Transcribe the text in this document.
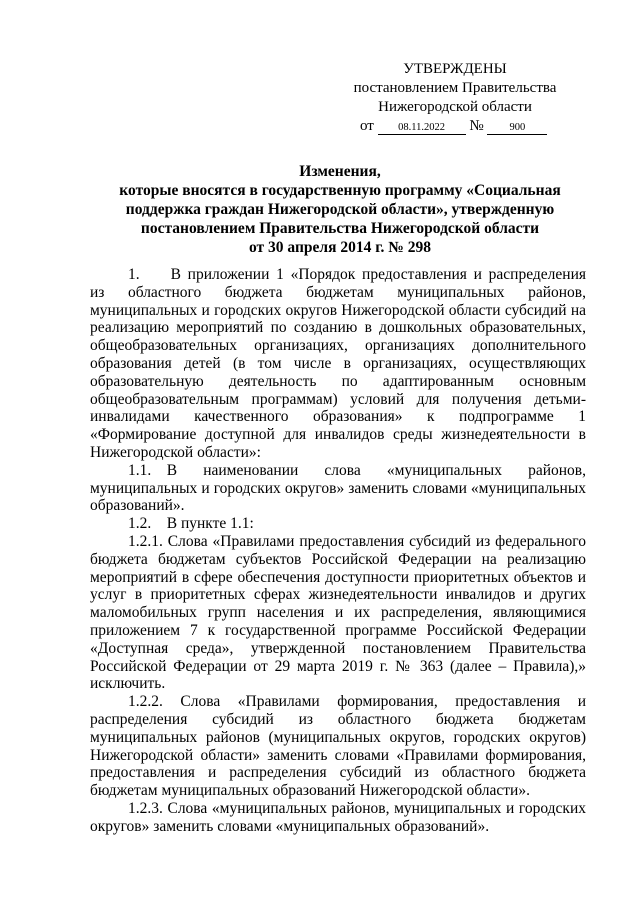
УТВЕРЖДЕНЫ
постановлением Правительства
Нижегородской области
от 08.11.2022 № 900
Изменения,
которые вносятся в государственную программу «Социальная
поддержка граждан Нижегородской области», утвержденную
постановлением Правительства Нижегородской области
от 30 апреля 2014 г. № 298

1.  В приложении 1 «Порядок предоставления и распределения из областного бюджета бюджетам муниципальных районов, муниципальных и городских округов Нижегородской области субсидий на реализацию мероприятий по созданию в дошкольных образовательных, общеобразовательных организациях, организациях дополнительного образования детей (в том числе в организациях, осуществляющих образовательную деятельность по адаптированным основным общеобразовательным программам) условий для получения детьми-инвалидами качественного образования» к подпрограмме 1 «Формирование доступной для инвалидов среды жизнедеятельности в Нижегородской области»:

1.1. В наименовании слова «муниципальных районов, муниципальных и городских округов» заменить словами «муниципальных образований».

1.2. В пункте 1.1:

1.2.1. Слова «Правилами предоставления субсидий из федерального бюджета бюджетам субъектов Российской Федерации на реализацию мероприятий в сфере обеспечения доступности приоритетных объектов и услуг в приоритетных сферах жизнедеятельности инвалидов и других маломобильных групп населения и их распределения, являющимися приложением 7 к государственной программе Российской Федерации «Доступная среда», утвержденной постановлением Правительства Российской Федерации от 29 марта 2019 г. № 363 (далее – Правила),» исключить.

1.2.2. Слова «Правилами формирования, предоставления и распределения субсидий из областного бюджета бюджетам муниципальных районов (муниципальных округов, городских округов) Нижегородской области» заменить словами «Правилами формирования, предоставления и распределения субсидий из областного бюджета бюджетам муниципальных образований Нижегородской области».

1.2.3. Слова «муниципальных районов, муниципальных и городских округов» заменить словами «муниципальных образований».
